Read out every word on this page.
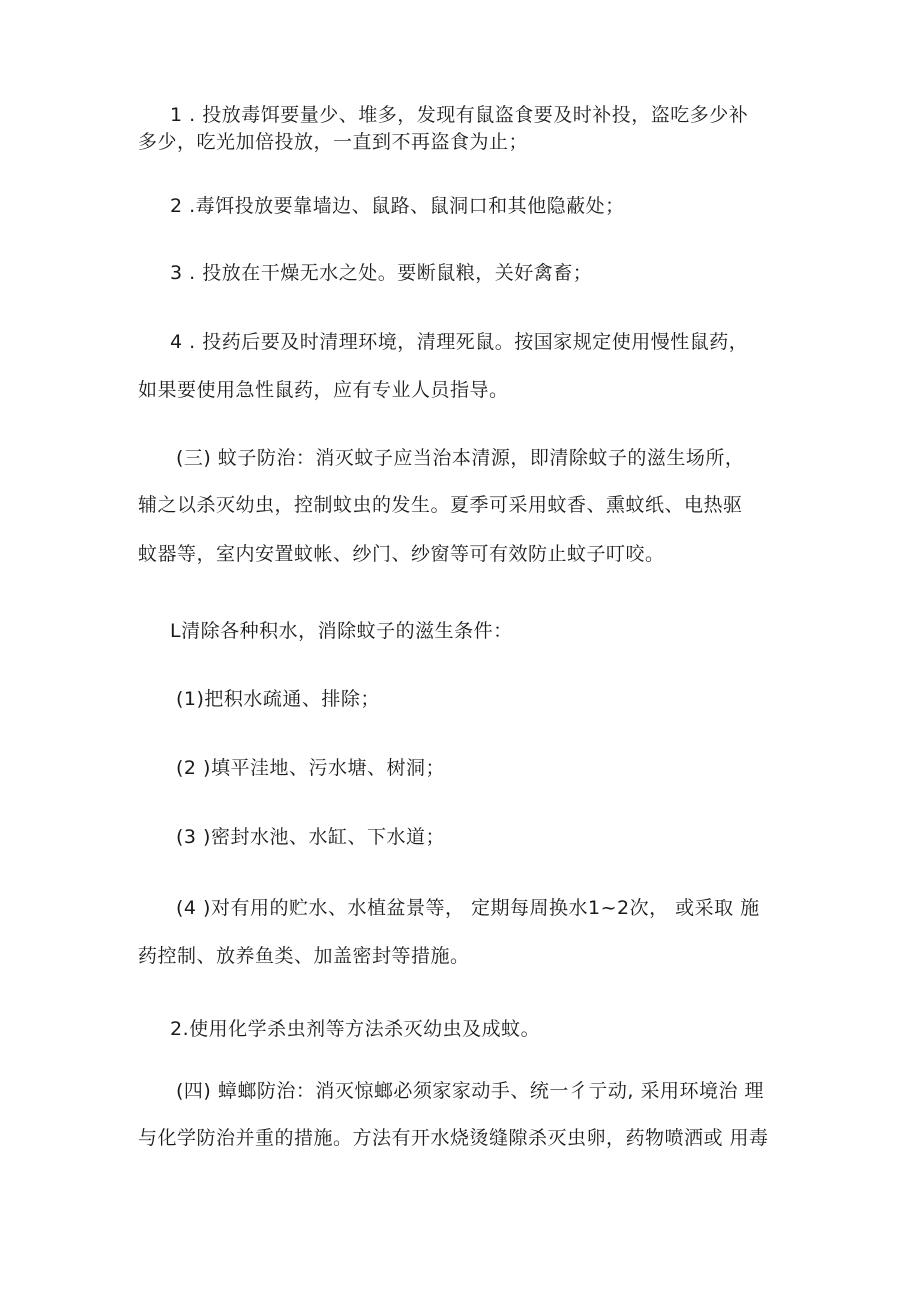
1 . 投放毒饵要量少、堆多，发现有鼠盗食要及时补投，盗吃多少补
多少，吃光加倍投放，一直到不再盗食为止；
2 .毒饵投放要靠墙边、鼠路、鼠洞口和其他隐蔽处；
3 . 投放在干燥无水之处。要断鼠粮，关好禽畜；
4 . 投药后要及时清理环境，清理死鼠。按国家规定使用慢性鼠药，
如果要使用急性鼠药，应有专业人员指导。
(三) 蚊子防治：消灭蚊子应当治本清源，即清除蚊子的滋生场所，
辅之以杀灭幼虫，控制蚊虫的发生。夏季可采用蚊香、熏蚊纸、电热驱
蚊器等，室内安置蚊帐、纱门、纱窗等可有效防止蚊子叮咬。
L清除各种积水，消除蚊子的滋生条件：
(1)把积水疏通、排除；
(2 )填平洼地、污水塘、树洞；
(3 )密封水池、水缸、下水道；
(4 )对有用的贮水、水植盆景等， 定期每周换水1~2次， 或采取 施
药控制、放养鱼类、加盖密封等措施。
2.使用化学杀虫剂等方法杀灭幼虫及成蚊。
(四) 蟑螂防治：消灭惊螂必须家家动手、统一彳亍动, 采用环境治 理
与化学防治并重的措施。方法有开水烧烫缝隙杀灭虫卵，药物喷洒或 用毒
